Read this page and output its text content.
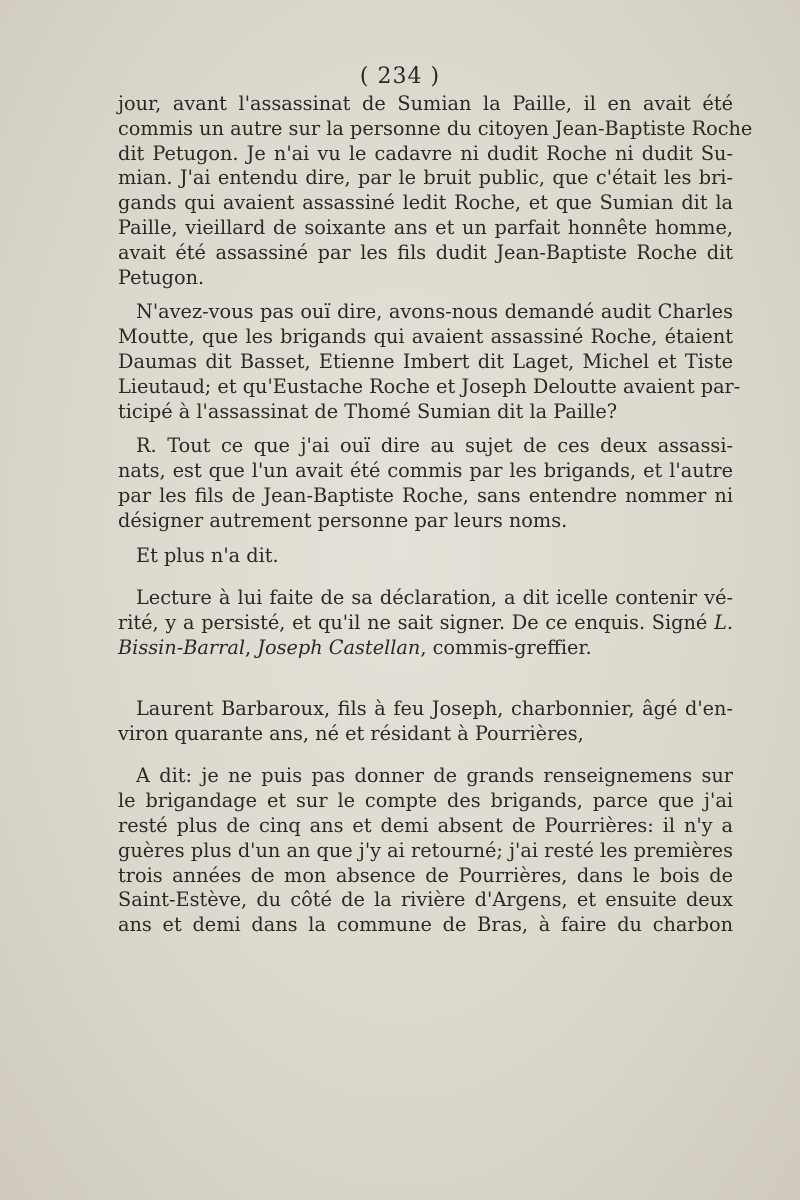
( 234 )
jour, avant l'assassinat de Sumian la Paille, il en avait été
commis un autre sur la personne du citoyen Jean-Baptiste Roche
dit Petugon. Je n'ai vu le cadavre ni dudit Roche ni dudit Su-
mian. J'ai entendu dire, par le bruit public, que c'était les bri-
gands qui avaient assassiné ledit Roche, et que Sumian dit la
Paille, vieillard de soixante ans et un parfait honnête homme,
avait été assassiné par les fils dudit Jean-Baptiste Roche dit
Petugon.
N'avez-vous pas ouï dire, avons-nous demandé audit Charles
Moutte, que les brigands qui avaient assassiné Roche, étaient
Daumas dit Basset, Etienne Imbert dit Laget, Michel et Tiste
Lieutaud; et qu'Eustache Roche et Joseph Deloutte avaient par-
ticipé à l'assassinat de Thomé Sumian dit la Paille?
R. Tout ce que j'ai ouï dire au sujet de ces deux assassi-
nats, est que l'un avait été commis par les brigands, et l'autre
par les fils de Jean-Baptiste Roche, sans entendre nommer ni
désigner autrement personne par leurs noms.
Et plus n'a dit.
Lecture à lui faite de sa déclaration, a dit icelle contenir vé-
rité, y a persisté, et qu'il ne sait signer. De ce enquis. Signé L.
Bissin-Barral, Joseph Castellan, commis-greffier.
Laurent Barbaroux, fils à feu Joseph, charbonnier, âgé d'en-
viron quarante ans, né et résidant à Pourrières,
A dit: je ne puis pas donner de grands renseignemens sur
le brigandage et sur le compte des brigands, parce que j'ai
resté plus de cinq ans et demi absent de Pourrières: il n'y a
guères plus d'un an que j'y ai retourné; j'ai resté les premières
trois années de mon absence de Pourrières, dans le bois de
Saint-Estève, du côté de la rivière d'Argens, et ensuite deux
ans et demi dans la commune de Bras, à faire du charbon
